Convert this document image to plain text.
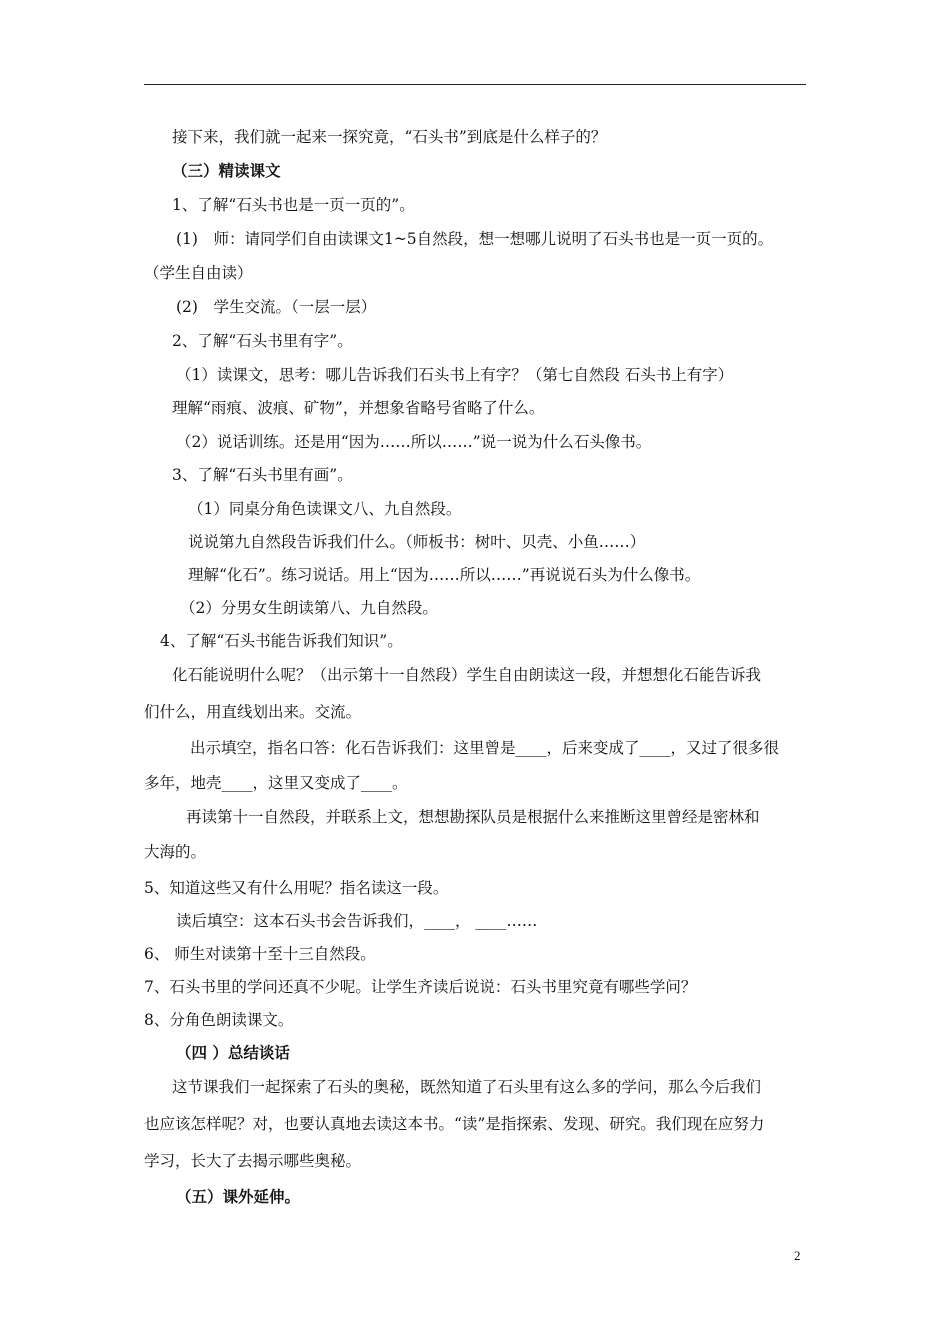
接下来，我们就一起来一探究竟，“石头书”到底是什么样子的？
（三）精读课文
1、了解“石头书也是一页一页的”。
(1)　师：请同学们自由读课文1~5自然段，想一想哪儿说明了石头书也是一页一页的。
（学生自由读）
(2)　学生交流。（一层一层）
2、了解“石头书里有字”。
（1）读课文，思考：哪儿告诉我们石头书上有字？（第七自然段 石头书上有字）
理解“雨痕、波痕、矿物”，并想象省略号省略了什么。
（2）说话训练。还是用“因为……所以……”说一说为什么石头像书。
3、了解“石头书里有画”。
（1）同桌分角色读课文八、九自然段。
说说第九自然段告诉我们什么。（师板书：树叶、贝壳、小鱼……）
理解“化石”。练习说话。用上“因为……所以……”再说说石头为什么像书。
（2）分男女生朗读第八、九自然段。
4、了解“石头书能告诉我们知识”。
化石能说明什么呢？（出示第十一自然段）学生自由朗读这一段，并想想化石能告诉我
们什么，用直线划出来。交流。
出示填空，指名口答：化石告诉我们：这里曾是____，后来变成了____，又过了很多很
多年，地壳____，这里又变成了____。
再读第十一自然段，并联系上文，想想勘探队员是根据什么来推断这里曾经是密林和
大海的。
5、知道这些又有什么用呢？指名读这一段。
读后填空：这本石头书会告诉我们，____， ____……
6、 师生对读第十至十三自然段。
7、石头书里的学问还真不少呢。让学生齐读后说说：石头书里究竟有哪些学问？
8、分角色朗读课文。
（四 ）总结谈话
这节课我们一起探索了石头的奥秘，既然知道了石头里有这么多的学问，那么今后我们
也应该怎样呢？对，也要认真地去读这本书。“读”是指探索、发现、研究。我们现在应努力
学习，长大了去揭示哪些奥秘。
（五）课外延伸。
2
